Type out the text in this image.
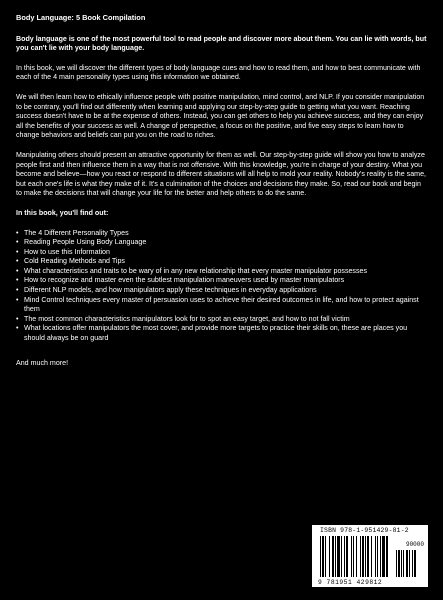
Body Language: 5 Book Compilation

Body language is one of the most powerful tool to read people and discover more about them. You can lie with words, but you can't lie with your body language.

In this book, we will discover the different types of body language cues and how to read them, and how to best communicate with each of the 4 main personality types using this information we obtained.

We will then learn how to ethically influence people with positive manipulation, mind control, and NLP. If you consider manipulation to be contrary, you'll find out differently when learning and applying our step-by-step guide to getting what you want. Reaching success doesn't have to be at the expense of others. Instead, you can get others to help you achieve success, and they can enjoy all the benefits of your success as well. A change of perspective, a focus on the positive, and five easy steps to learn how to change behaviors and beliefs can put you on the road to riches.

Manipulating others should present an attractive opportunity for them as well. Our step-by-step guide will show you how to analyze people first and then influence them in a way that is not offensive. With this knowledge, you're in charge of your destiny. What you become and believe—how you react or respond to different situations will all help to mold your reality. Nobody's reality is the same, but each one's life is what they make of it. It's a culmination of the choices and decisions they make. So, read our book and begin to make the decisions that will change your life for the better and help others to do the same.

In this book, you'll find out:
• The 4 Different Personality Types
• Reading People Using Body Language
• How to use this Information
• Cold Reading Methods and Tips
• What characteristics and traits to be wary of in any new relationship that every master manipulator possesses
• How to recognize and master even the subtlest manipulation maneuvers used by master manipulators
• Different NLP models, and how manipulators apply these techniques in everyday applications
• Mind Control techniques every master of persuasion uses to achieve their desired outcomes in life, and how to protect against them
• The most common characteristics manipulators look for to spot an easy target, and how to not fall victim
• What locations offer manipulators the most cover, and provide more targets to practice their skills on, these are places you should always be on guard

And much more!

ISBN 978-1-951429-81-2
90000
9 781951 429812
